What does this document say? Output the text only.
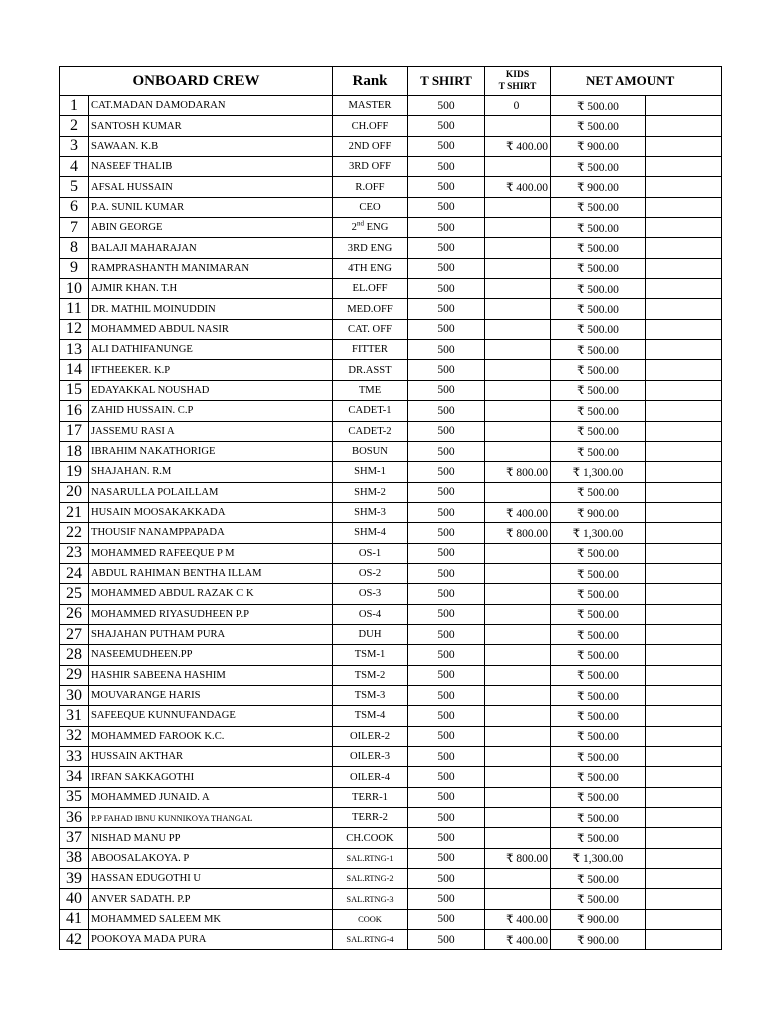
ONBOARD CREW		Rank	T SHIRT	KIDS
T SHIRT	NET AMOUNT	
1	CAT.MADAN DAMODARAN	MASTER	500	0	₹ 500.00	
2	SANTOSH KUMAR	CH.OFF	500		₹ 500.00	
3	SAWAAN. K.B	2ND OFF	500	₹ 400.00	₹ 900.00	
4	NASEEF THALIB	3RD OFF	500		₹ 500.00	
5	AFSAL HUSSAIN	R.OFF	500	₹ 400.00	₹ 900.00	
6	P.A. SUNIL KUMAR	CEO	500		₹ 500.00	
7	ABIN GEORGE	2nd ENG	500		₹ 500.00	
8	BALAJI MAHARAJAN	3RD ENG	500		₹ 500.00	
9	RAMPRASHANTH MANIMARAN	4TH ENG	500		₹ 500.00	
10	AJMIR KHAN. T.H	EL.OFF	500		₹ 500.00	
11	DR. MATHIL MOINUDDIN	MED.OFF	500		₹ 500.00	
12	MOHAMMED ABDUL NASIR	CAT. OFF	500		₹ 500.00	
13	ALI DATHIFANUNGE	FITTER	500		₹ 500.00	
14	IFTHEEKER. K.P	DR.ASST	500		₹ 500.00	
15	EDAYAKKAL NOUSHAD	TME	500		₹ 500.00	
16	ZAHID HUSSAIN. C.P	CADET-1	500		₹ 500.00	
17	JASSEMU RASI A	CADET-2	500		₹ 500.00	
18	IBRAHIM NAKATHORIGE	BOSUN	500		₹ 500.00	
19	SHAJAHAN. R.M	SHM-1	500	₹ 800.00	₹ 1,300.00	
20	NASARULLA POLAILLAM	SHM-2	500		₹ 500.00	
21	HUSAIN MOOSAKAKKADA	SHM-3	500	₹ 400.00	₹ 900.00	
22	THOUSIF NANAMPPAPADA	SHM-4	500	₹ 800.00	₹ 1,300.00	
23	MOHAMMED RAFEEQUE P M	OS-1	500		₹ 500.00	
24	ABDUL RAHIMAN BENTHA ILLAM	OS-2	500		₹ 500.00	
25	MOHAMMED ABDUL RAZAK C K	OS-3	500		₹ 500.00	
26	MOHAMMED RIYASUDHEEN P.P	OS-4	500		₹ 500.00	
27	SHAJAHAN PUTHAM PURA	DUH	500		₹ 500.00	
28	NASEEMUDHEEN.PP	TSM-1	500		₹ 500.00	
29	HASHIR SABEENA HASHIM	TSM-2	500		₹ 500.00	
30	MOUVARANGE HARIS	TSM-3	500		₹ 500.00	
31	SAFEEQUE KUNNUFANDAGE	TSM-4	500		₹ 500.00	
32	MOHAMMED FAROOK K.C.	OILER-2	500		₹ 500.00	
33	HUSSAIN AKTHAR	OILER-3	500		₹ 500.00	
34	IRFAN SAKKAGOTHI	OILER-4	500		₹ 500.00	
35	MOHAMMED JUNAID. A	TERR-1	500		₹ 500.00	
36	P.P FAHAD IBNU KUNNIKOYA THANGAL	TERR-2	500		₹ 500.00	
37	NISHAD MANU PP	CH.COOK	500		₹ 500.00	
38	ABOOSALAKOYA. P	SAL.RTNG-1	500	₹ 800.00	₹ 1,300.00	
39	HASSAN EDUGOTHI U	SAL.RTNG-2	500		₹ 500.00	
40	ANVER SADATH. P.P	SAL.RTNG-3	500		₹ 500.00	
41	MOHAMMED SALEEM MK	COOK	500	₹ 400.00	₹ 900.00	
42	POOKOYA MADA PURA	SAL.RTNG-4	500	₹ 400.00	₹ 900.00	
